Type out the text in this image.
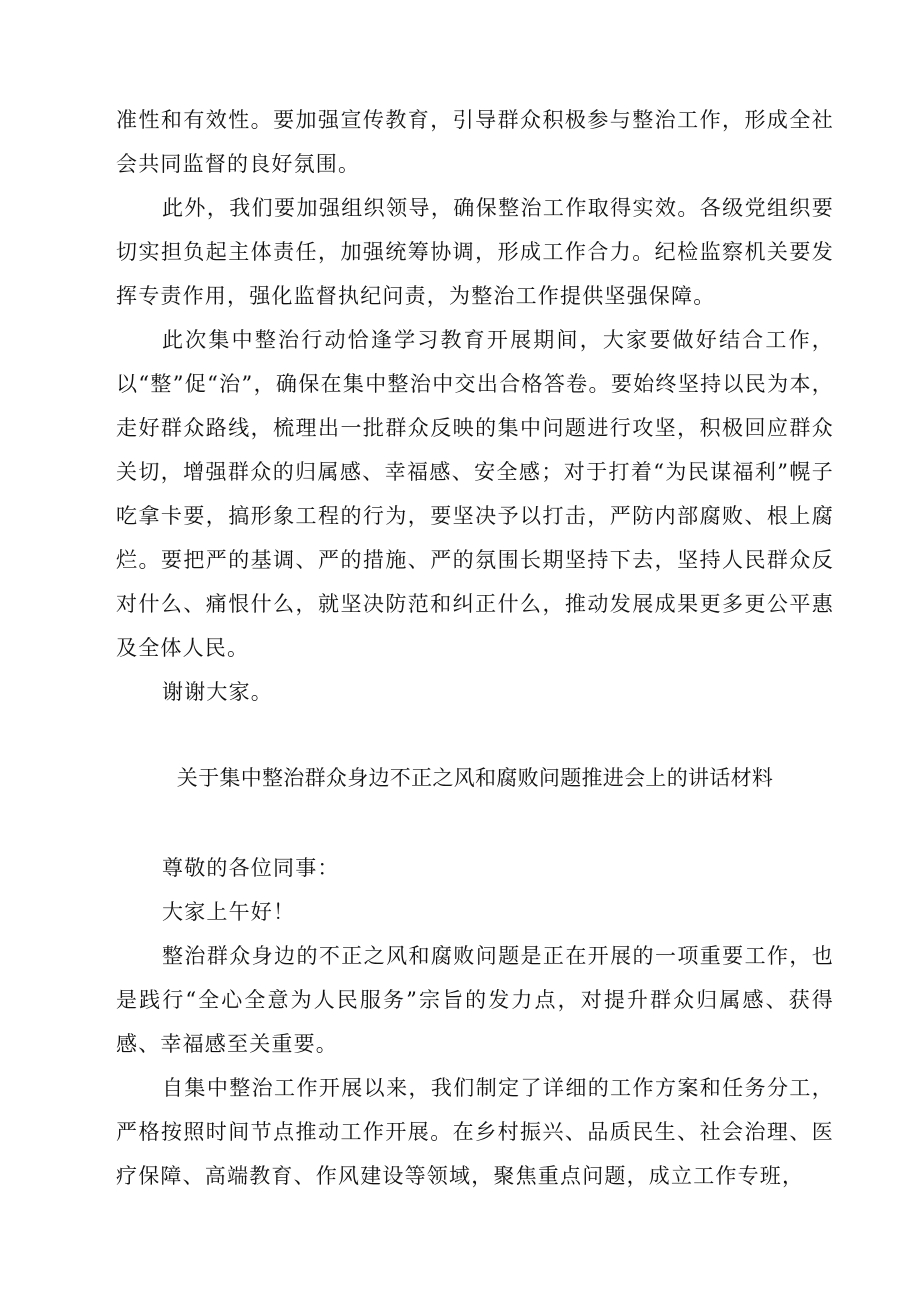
准性和有效性。要加强宣传教育，引导群众积极参与整治工作，形成全社会共同监督的良好氛围。

此外，我们要加强组织领导，确保整治工作取得实效。各级党组织要切实担负起主体责任，加强统筹协调，形成工作合力。纪检监察机关要发挥专责作用，强化监督执纪问责，为整治工作提供坚强保障。

此次集中整治行动恰逢学习教育开展期间，大家要做好结合工作，以“整”促“治”，确保在集中整治中交出合格答卷。要始终坚持以民为本，走好群众路线，梳理出一批群众反映的集中问题进行攻坚，积极回应群众关切，增强群众的归属感、幸福感、安全感；对于打着“为民谋福利”幌子吃拿卡要，搞形象工程的行为，要坚决予以打击，严防内部腐败、根上腐烂。要把严的基调、严的措施、严的氛围长期坚持下去，坚持人民群众反对什么、痛恨什么，就坚决防范和纠正什么，推动发展成果更多更公平惠及全体人民。

谢谢大家。

关于集中整治群众身边不正之风和腐败问题推进会上的讲话材料

尊敬的各位同事：

大家上午好！

整治群众身边的不正之风和腐败问题是正在开展的一项重要工作，也是践行“全心全意为人民服务”宗旨的发力点，对提升群众归属感、获得感、幸福感至关重要。

自集中整治工作开展以来，我们制定了详细的工作方案和任务分工，严格按照时间节点推动工作开展。在乡村振兴、品质民生、社会治理、医疗保障、高端教育、作风建设等领域，聚焦重点问题，成立工作专班，
